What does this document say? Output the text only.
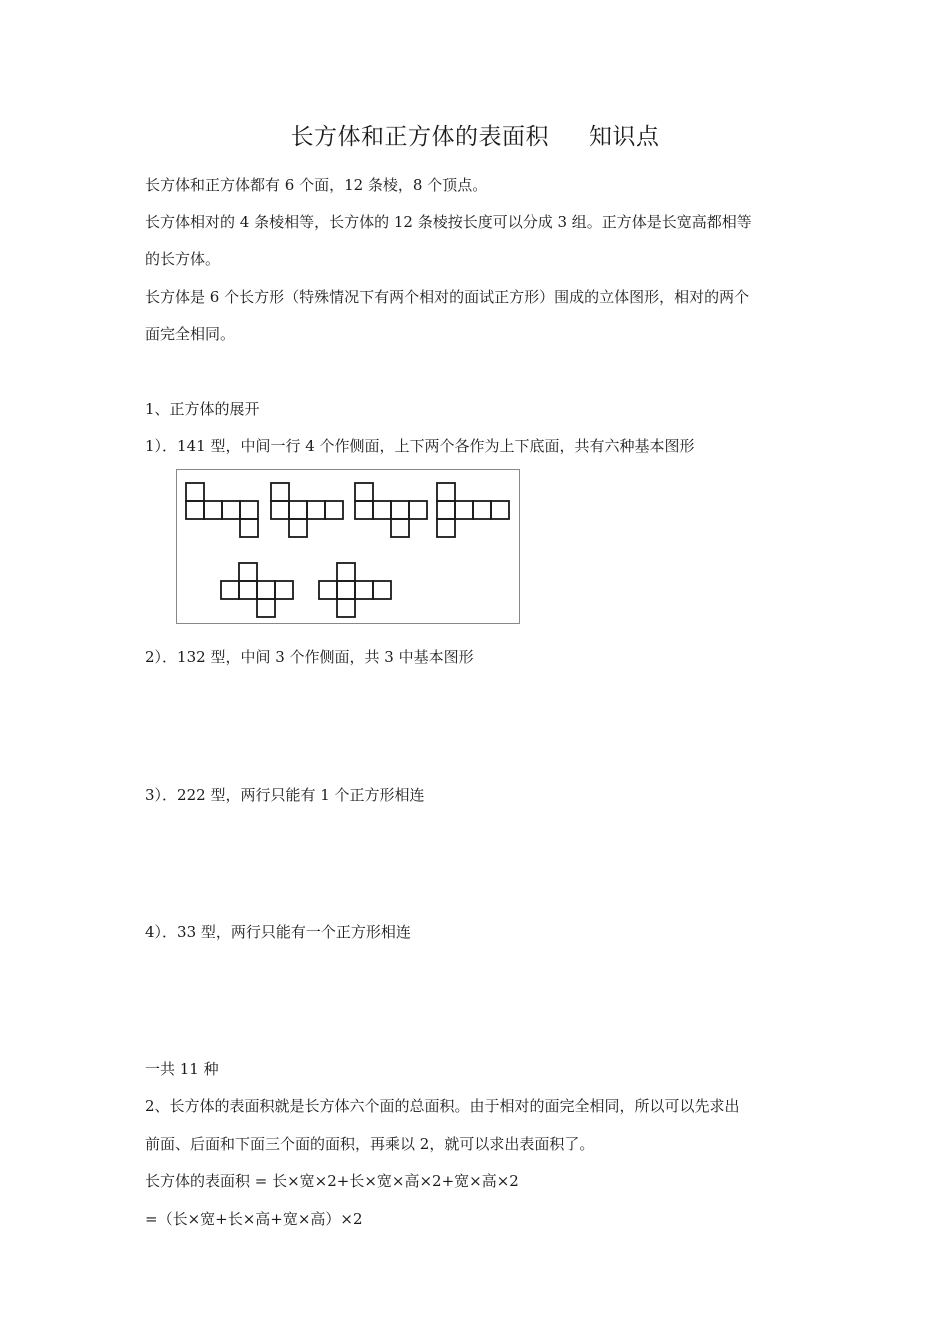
长方体和正方体的表面积 知识点
长方体和正方体都有 6 个面，12 条棱，8 个顶点。
长方体相对的 4 条棱相等，长方体的 12 条棱按长度可以分成 3 组。正方体是长宽高都相等
的长方体。
长方体是 6 个长方形（特殊情况下有两个相对的面试正方形）围成的立体图形，相对的两个
面完全相同。
1、正方体的展开
1）．141 型，中间一行 4 个作侧面，上下两个各作为上下底面，共有六种基本图形
2）．132 型，中间 3 个作侧面，共 3 中基本图形
3）．222 型，两行只能有 1 个正方形相连
4）．33 型，两行只能有一个正方形相连
一共 11 种
2、长方体的表面积就是长方体六个面的总面积。由于相对的面完全相同，所以可以先求出
前面、后面和下面三个面的面积，再乘以 2，就可以求出表面积了。
长方体的表面积 = 长×宽×2+长×宽×高×2+宽×高×2
=（长×宽+长×高+宽×高）×2
